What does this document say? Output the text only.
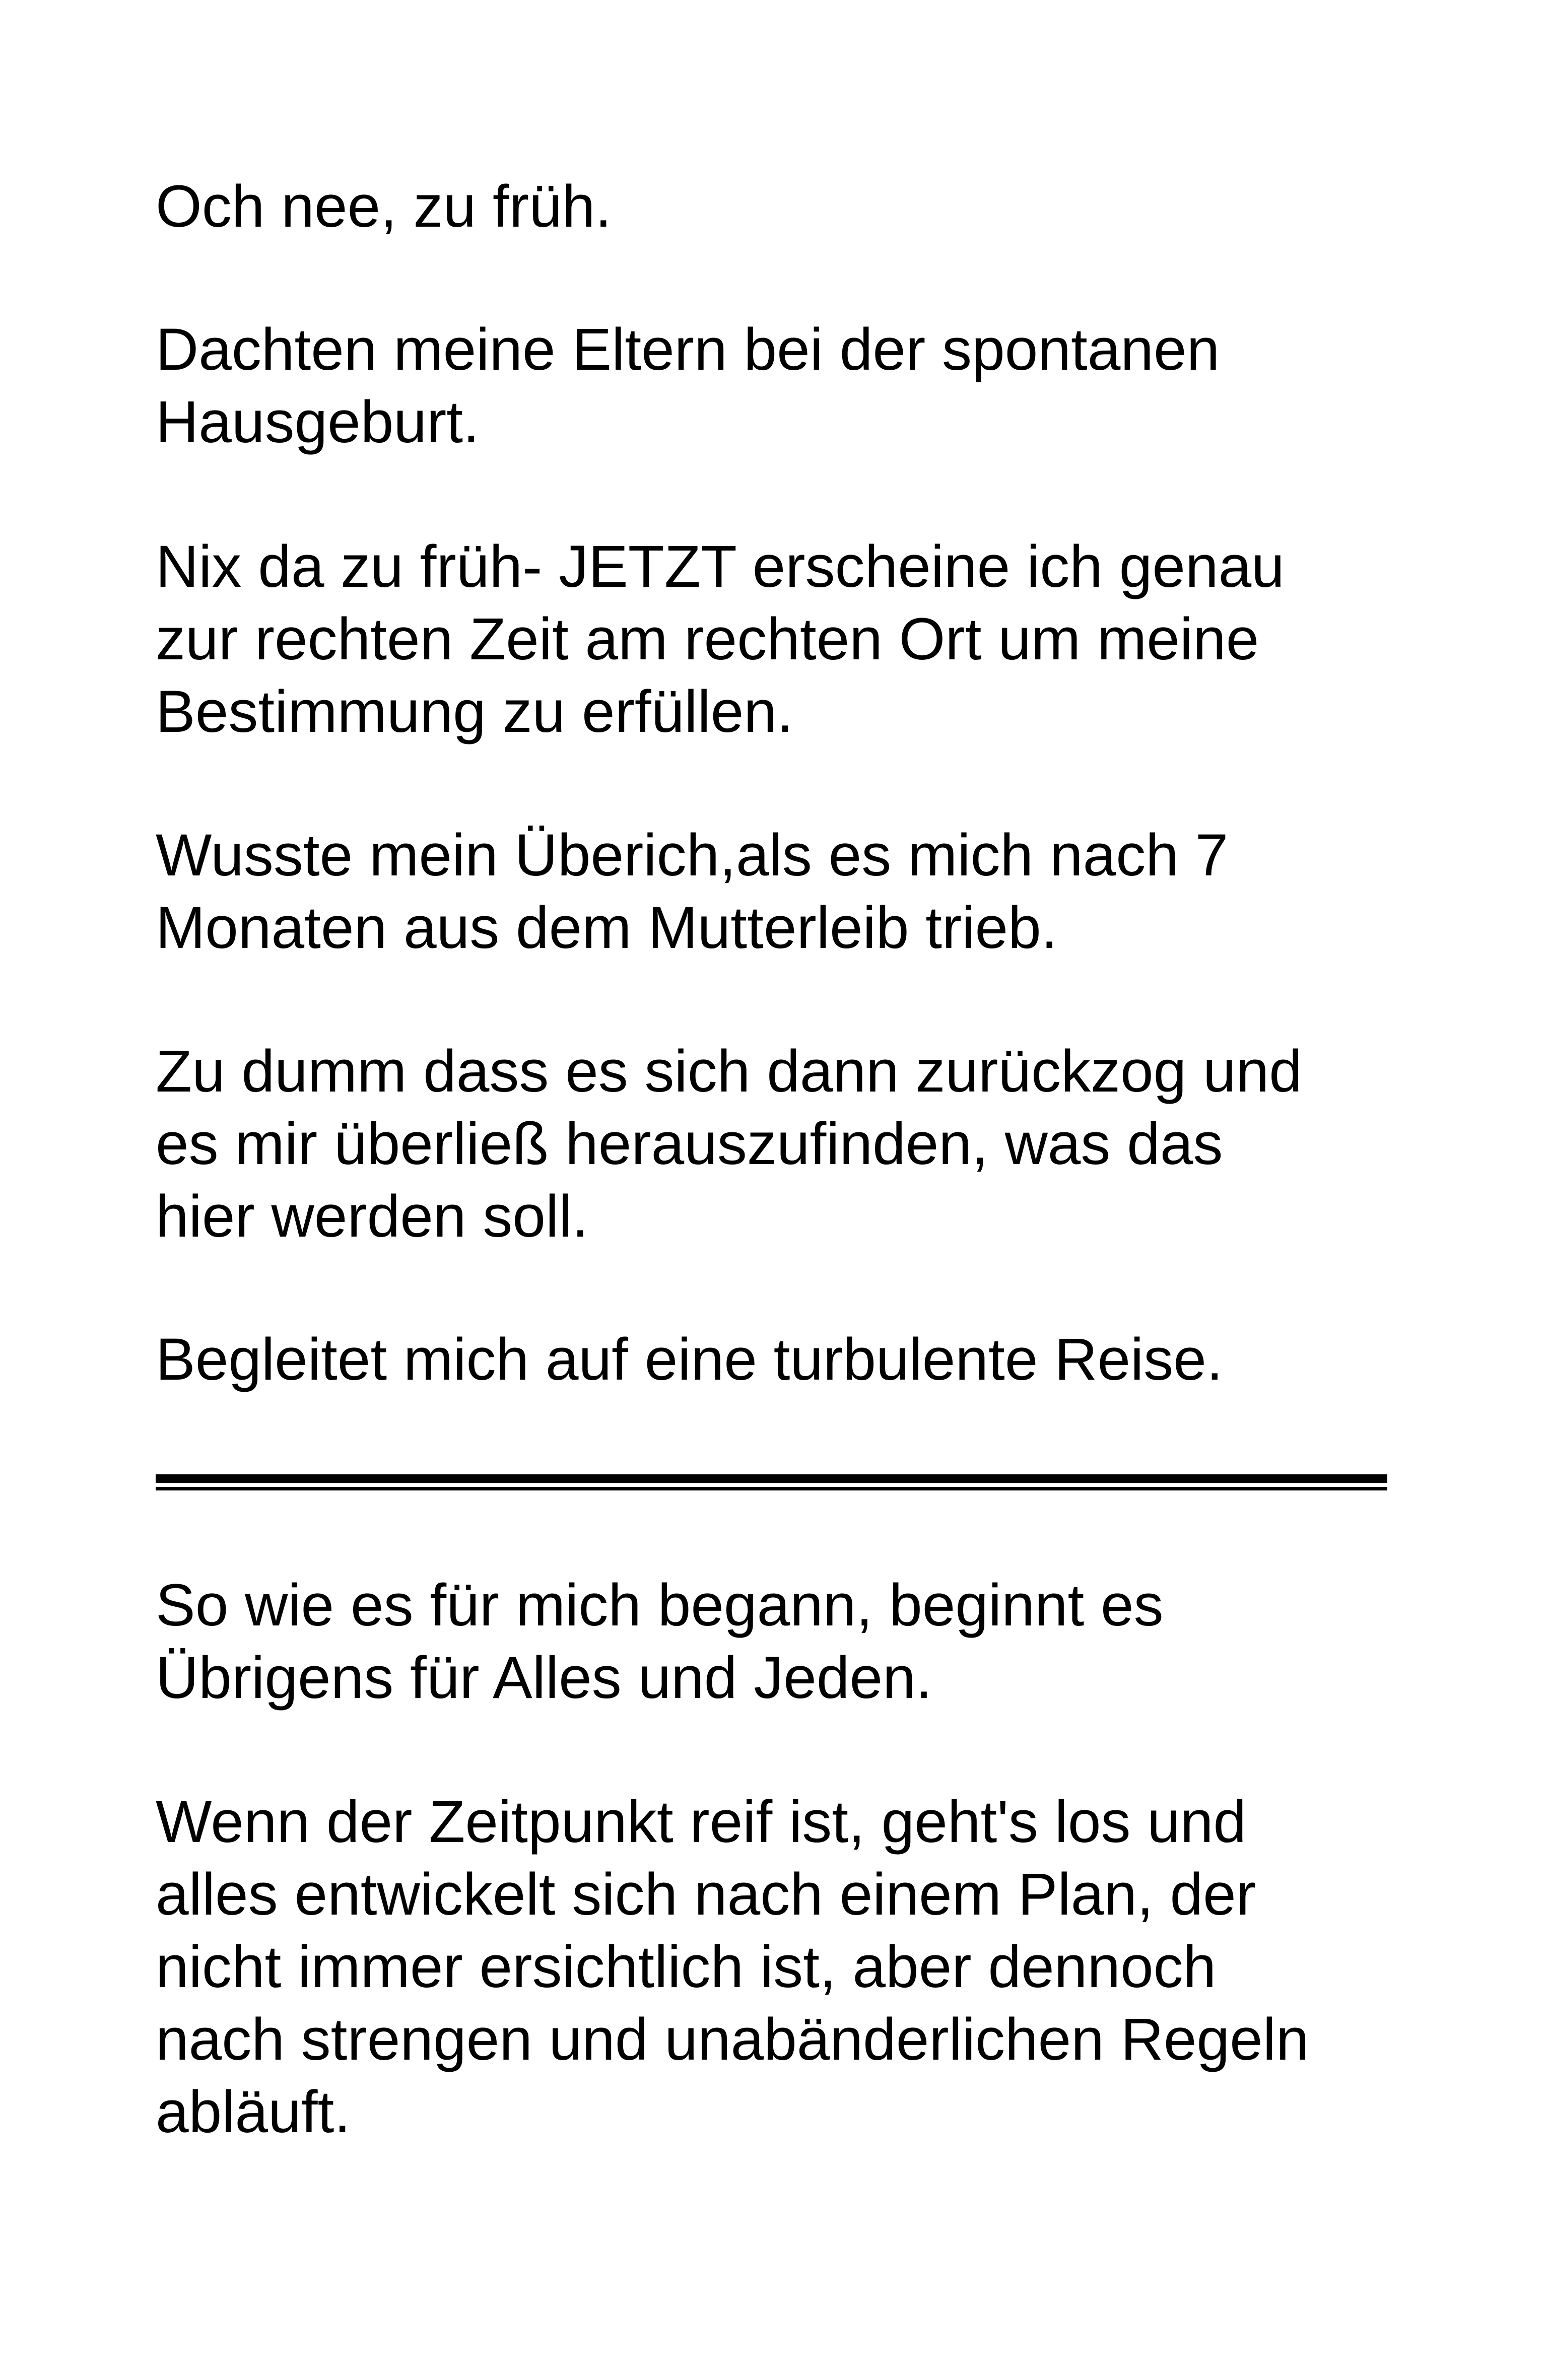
Och nee, zu früh.

Dachten meine Eltern bei der spontanen
Hausgeburt.

Nix da zu früh- JETZT erscheine ich genau
zur rechten Zeit am rechten Ort um meine
Bestimmung zu erfüllen.

Wusste mein Überich,als es mich nach 7
Monaten aus dem Mutterleib trieb.

Zu dumm dass es sich dann zurückzog und
es mir überließ herauszufinden, was das
hier werden soll.

Begleitet mich auf eine turbulente Reise.

So wie es für mich begann, beginnt es
Übrigens für Alles und Jeden.

Wenn der Zeitpunkt reif ist, geht's los und
alles entwickelt sich nach einem Plan, der
nicht immer ersichtlich ist, aber dennoch
nach strengen und unabänderlichen Regeln
abläuft.
